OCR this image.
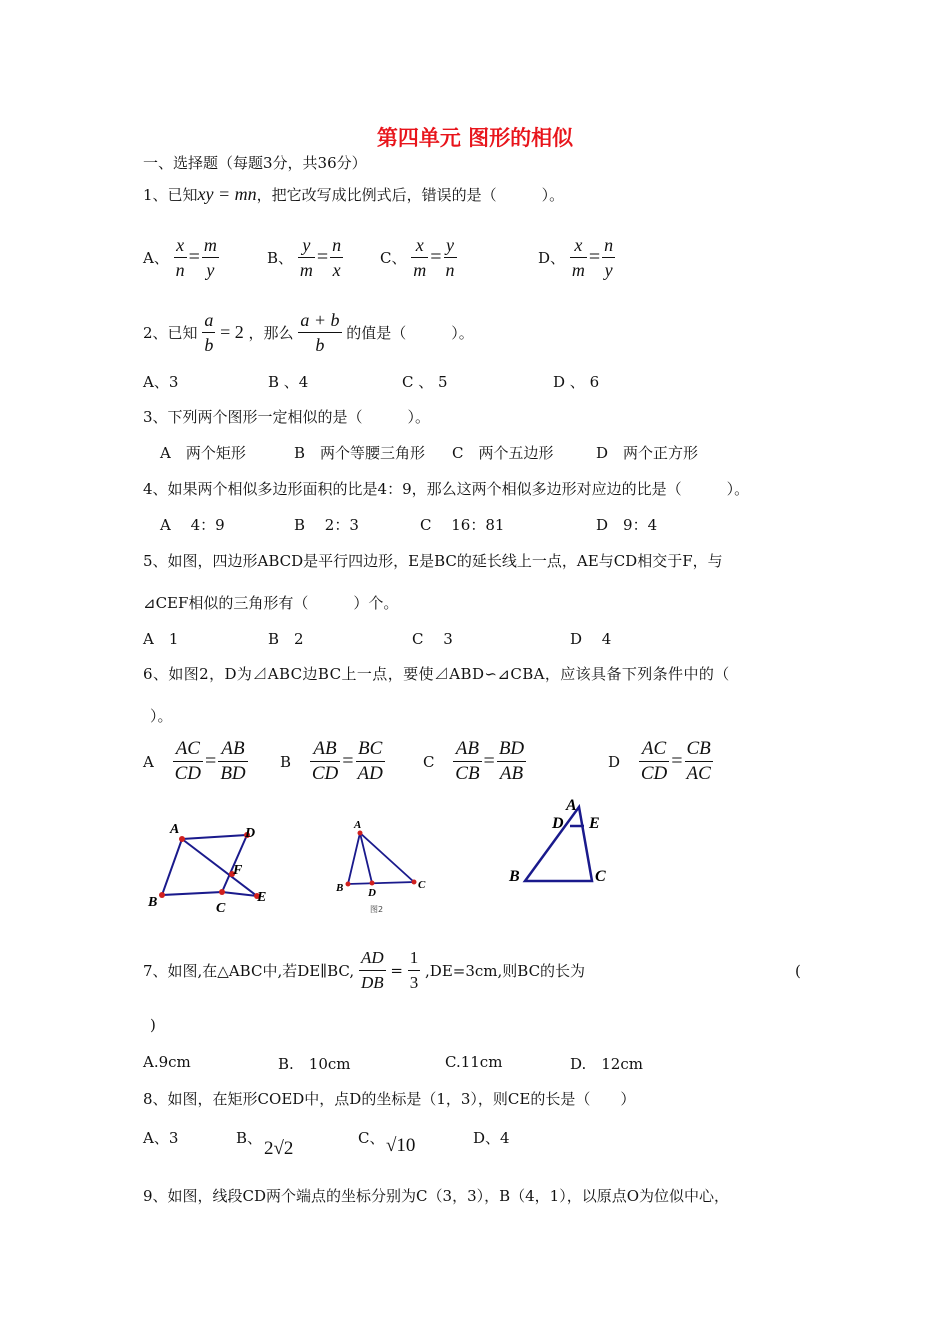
第四单元 图形的相似
一、选择题（每题3分，共36分）
1、已知xy = mn，把它改写成比例式后，错误的是（　　　）。
A、 $\frac{x}{n} = \frac{m}{y}$	B、 $\frac{y}{m} = \frac{n}{x}$ C、 $\frac{x}{m} = \frac{y}{n}$	D、 $\frac{x}{m} = \frac{n}{y}$
2、已知 $\frac{a}{b} = 2$ ，那么 $\frac{a + b}{b}$ 的值是（　　　）。
A、3	B 、4	C 、 5	D 、 6
3、下列两个图形一定相似的是（　　　）。
A　两个矩形	B　两个等腰三角形 C　两个五边形	D　两个正方形
4、如果两个相似多边形面积的比是4：9，那么这两个相似多边形对应边的比是（　　　）。
A　 4：9	B　 2：3	C　 16：81	D　9：4
5、如图，四边形ABCD是平行四边形，E是BC的延长线上一点，AE与CD相交于F，与
⊿CEF相似的三角形有（　　　）个。
A　1	B　2	C　 3	D　 4
6、如图2，D为⊿ABC边BC上一点，要使⊿ABD∽⊿CBA，应该具备下列条件中的（
）。
A $\frac{AC}{CD} = \frac{AB}{BD}$ B $\frac{AB}{CD} = \frac{BC}{AD}$	C $\frac{AB}{CB} = \frac{BD}{AB}$	D $\frac{AC}{CD} = \frac{CB}{AC}$
A	D
F
B	C
E
A
B D
C
图2
A
D E
B	C
7、如图,在△ABC中,若DE∥BC, $\frac{AD}{DB} = \frac{1}{3} ,DE=3cm$,则BC的长为	(
)
A.9cm	B.　10cm	C.11cm	D.　12cm
8、如图，在矩形COED中，点D的坐标是（1，3），则CE的长是（　　）
A、3	B、 2√2	C、 √10	D、4
9、如图，线段CD两个端点的坐标分别为C（3，3），B（4，1），以原点O为位似中心，
